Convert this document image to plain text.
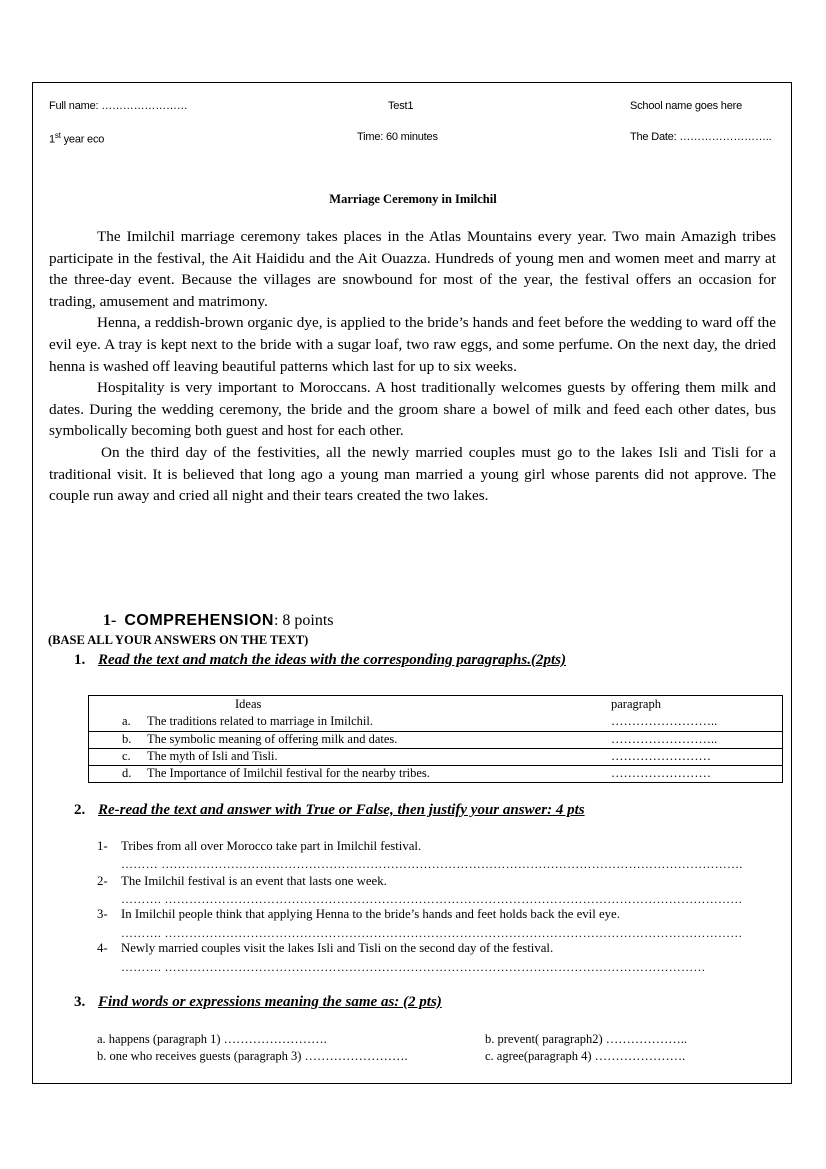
Full name: ……………………	Test1	School name goes here
1st year eco	Time: 60 minutes	The Date: ……………………..
Marriage Ceremony in Imilchil

The Imilchil marriage ceremony takes places in the Atlas Mountains every year. Two main Amazigh tribes participate in the festival, the Ait Haididu and the Ait Ouazza. Hundreds of young men and women meet and marry at the three-day event. Because the villages are snowbound for most of the year, the festival offers an occasion for trading, amusement and matrimony.

Henna, a reddish-brown organic dye, is applied to the bride’s hands and feet before the wedding to ward off the evil eye. A tray is kept next to the bride with a sugar loaf, two raw eggs, and some perfume. On the next day, the dried henna is washed off leaving beautiful patterns which last for up to six weeks.

Hospitality is very important to Moroccans. A host traditionally welcomes guests by offering them milk and dates. During the wedding ceremony, the bride and the groom share a bowel of milk and feed each other dates, bus symbolically becoming both guest and host for each other.

On the third day of the festivities, all the newly married couples must go to the lakes Isli and Tisli for a traditional visit. It is believed that long ago a young man married a young girl whose parents did not approve. The couple run away and cried all night and their tears created the two lakes.

1- COMPREHENSION: 8 points
(BASE ALL YOUR ANSWERS ON THE TEXT)
1. Read the text and match the ideas with the corresponding paragraphs.(2pts)
Ideas	paragraph
a. The traditions related to marriage in Imilchil.	……………………..

b. The symbolic meaning of offering milk and dates.	……………………..

c. The myth of Isli and Tisli.	……………………

d. The Importance of Imilchil festival for the nearby tribes.	……………………
2. Re-read the text and answer with True or False, then justify your answer: 4 pts
1- Tribes from all over Morocco take part in Imilchil festival.
……… …………………………………………………………………………………………………………………………….
2- The Imilchil festival is an event that lasts one week.
………. ……………………………………………………………………………………………………………………………
3- In Imilchil people think that applying Henna to the bride’s hands and feet holds back the evil eye.
………. ……………………………………………………………………………………………………………………………
4- Newly married couples visit the lakes Isli and Tisli on the second day of the festival.
………. ……………………………………………………………………………………………………………………
3. Find words or expressions meaning the same as: (2 pts)
a. happens (paragraph 1) …………………….	b. prevent( paragraph2) ………………..
b. one who receives guests (paragraph 3) …………………….	c. agree(paragraph 4) ………………….
